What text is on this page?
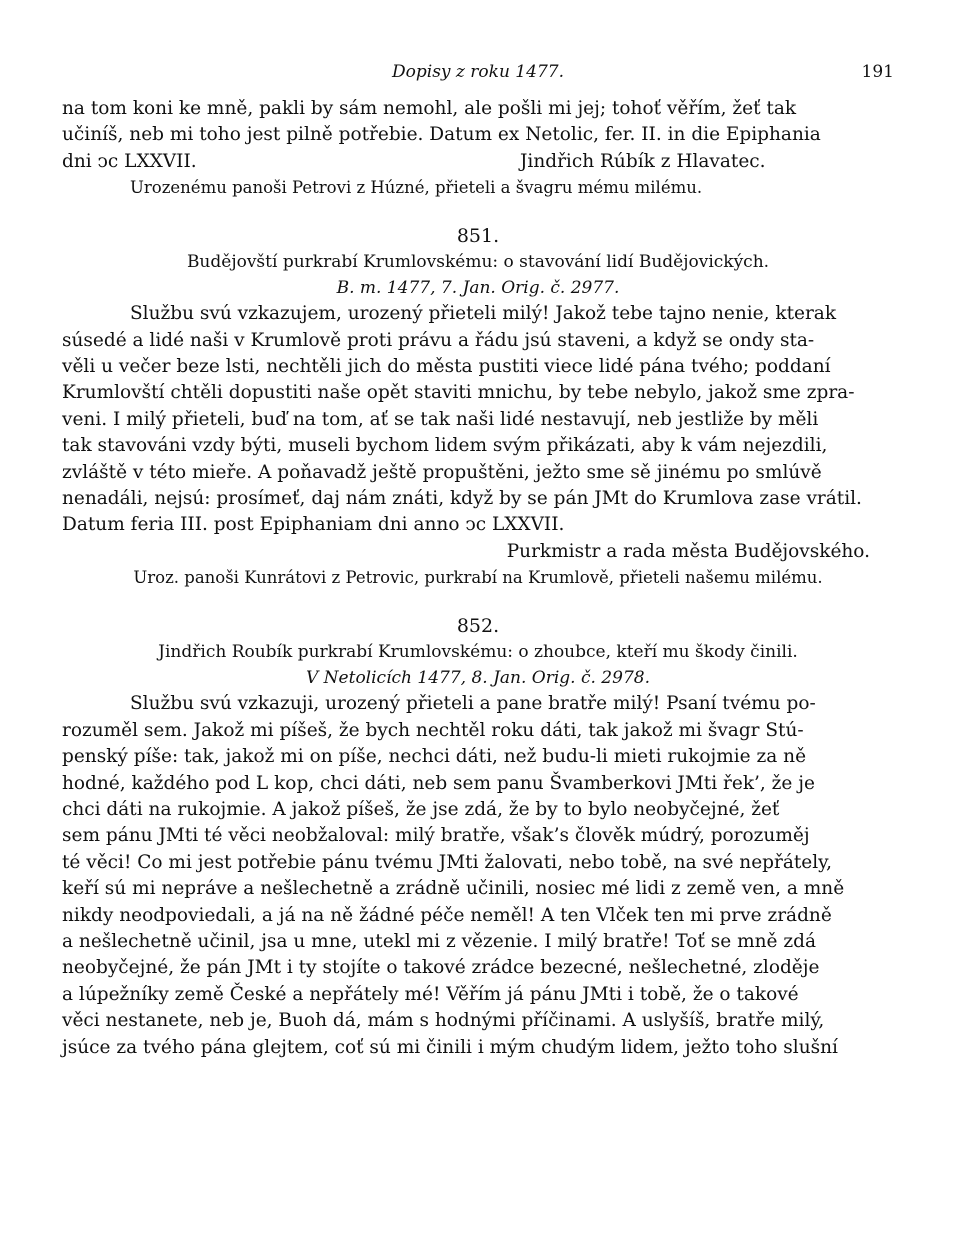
Dopisy z roku 1477.	191
na tom koni ke mně, pakli by sám nemohl, ale pošli mi jej; tohoť věřím, žeť tak
učiníš, neb mi toho jest pilně potřebie. Datum ex Netolic, fer. II. in die Epiphania
dni ↄc LXXVII.	Jindřich Rúbík z Hlavatec.
Urozenému panoši Petrovi z Húzné, přieteli a švagru mému milému.
851.
Budějovští purkrabí Krumlovskému: o stavování lidí Budějovických.
B. m. 1477, 7. Jan. Orig. č. 2977.
Službu svú vzkazujem, urozený přieteli milý! Jakož tebe tajno nenie, kterak
súsedé a lidé naši v Krumlově proti právu a řádu jsú staveni, a když se ondy sta-
věli u večer beze lsti, nechtěli jich do města pustiti viece lidé pána tvého; poddaní
Krumlovští chtěli dopustiti naše opět staviti mnichu, by tebe nebylo, jakož sme zpra-
veni. I milý přieteli, buď na tom, ať se tak naši lidé nestavují, neb jestliže by měli
tak stavováni vzdy býti, museli bychom lidem svým přikázati, aby k vám nejezdili,
zvláště v této mieře. A poňavadž ještě propuštěni, ježto sme sě jinému po smlúvě
nenadáli, nejsú: prosímeť, daj nám znáti, když by se pán JMt do Krumlova zase vrátil.
Datum feria III. post Epiphaniam dni anno ↄc LXXVII.
Purkmistr a rada města Budějovského.
Uroz. panoši Kunrátovi z Petrovic, purkrabí na Krumlově, přieteli našemu milému.
852.
Jindřich Roubík purkrabí Krumlovskému: o zhoubce, kteří mu škody činili.
V Netolicích 1477, 8. Jan. Orig. č. 2978.
Službu svú vzkazuji, urozený přieteli a pane bratře milý! Psaní tvému po-
rozuměl sem. Jakož mi píšeš, že bych nechtěl roku dáti, tak jakož mi švagr Stú-
penský píše: tak, jakož mi on píše, nechci dáti, než budu-li mieti rukojmie za ně
hodné, každého pod L kop, chci dáti, neb sem panu Švamberkovi JMti řek’, že je
chci dáti na rukojmie. A jakož píšeš, že jse zdá, že by to bylo neobyčejné, žeť
sem pánu JMti té věci neobžaloval: milý bratře, však’s člověk múdrý, porozuměj
té věci! Co mi jest potřebie pánu tvému JMti žalovati, nebo tobě, na své nepřátely,
keří sú mi nepráve a nešlechetně a zrádně učinili, nosiec mé lidi z země ven, a mně
nikdy neodpoviedali, a já na ně žádné péče neměl! A ten Vlček ten mi prve zrádně
a nešlechetně učinil, jsa u mne, utekl mi z vězenie. I milý bratře! Toť se mně zdá
neobyčejné, že pán JMt i ty stojíte o takové zrádce bezecné, nešlechetné, zloděje
a lúpežníky země České a nepřátely mé! Věřím já pánu JMti i tobě, že o takové
věci nestanete, neb je, Buoh dá, mám s hodnými příčinami. A uslyšíš, bratře milý,
jsúce za tvého pána glejtem, coť sú mi činili i mým chudým lidem, ježto toho slušní
